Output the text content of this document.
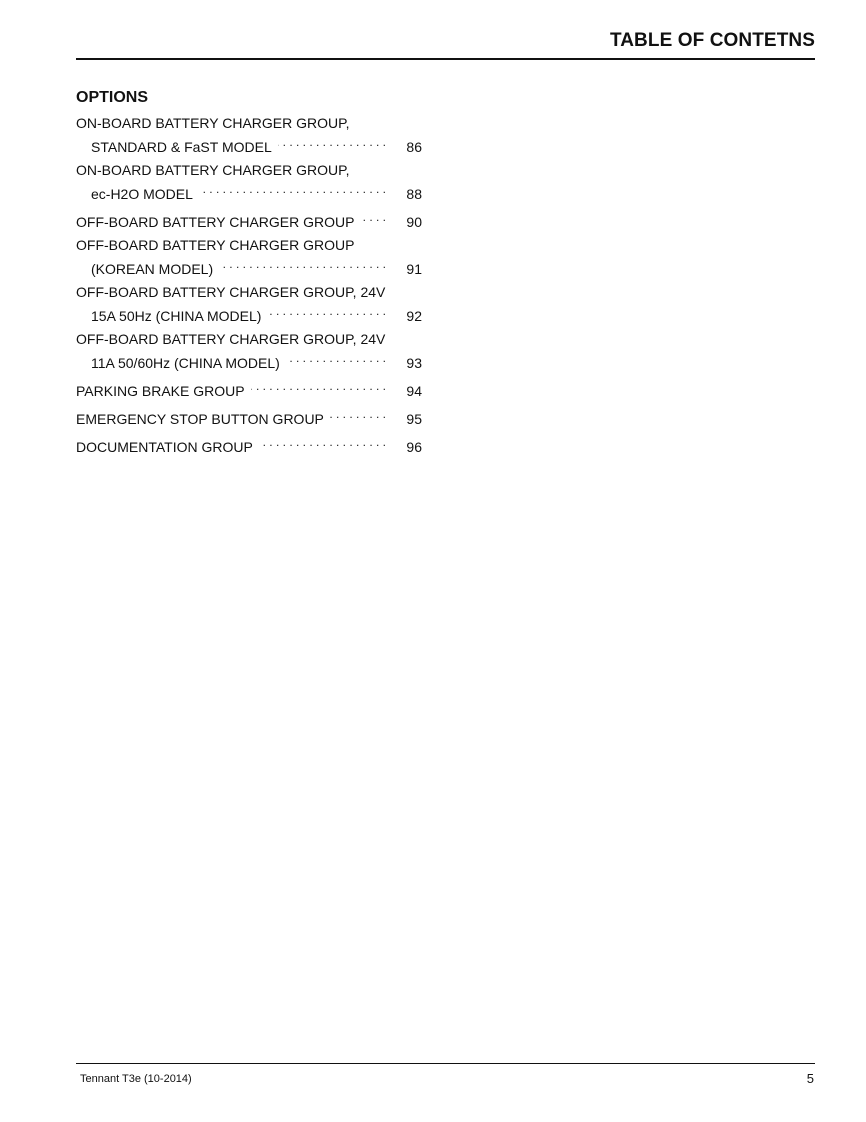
TABLE OF CONTETNS
OPTIONS
ON-BOARD BATTERY CHARGER GROUP,
STANDARD & FaST MODEL . . .	86
ON-BOARD BATTERY CHARGER GROUP,
ec-H2O MODEL . . .	88
OFF-BOARD BATTERY CHARGER GROUP . . .	90
OFF-BOARD BATTERY CHARGER GROUP
(KOREAN MODEL) . . .	91
OFF-BOARD BATTERY CHARGER GROUP, 24V
15A 50Hz (CHINA MODEL) . . .	92
OFF-BOARD BATTERY CHARGER GROUP, 24V
11A 50/60Hz (CHINA MODEL) . . .	93
PARKING BRAKE GROUP . . .	94
EMERGENCY STOP BUTTON GROUP . . .	95
DOCUMENTATION GROUP . . .	96
Tennant T3e (10-2014)	5
